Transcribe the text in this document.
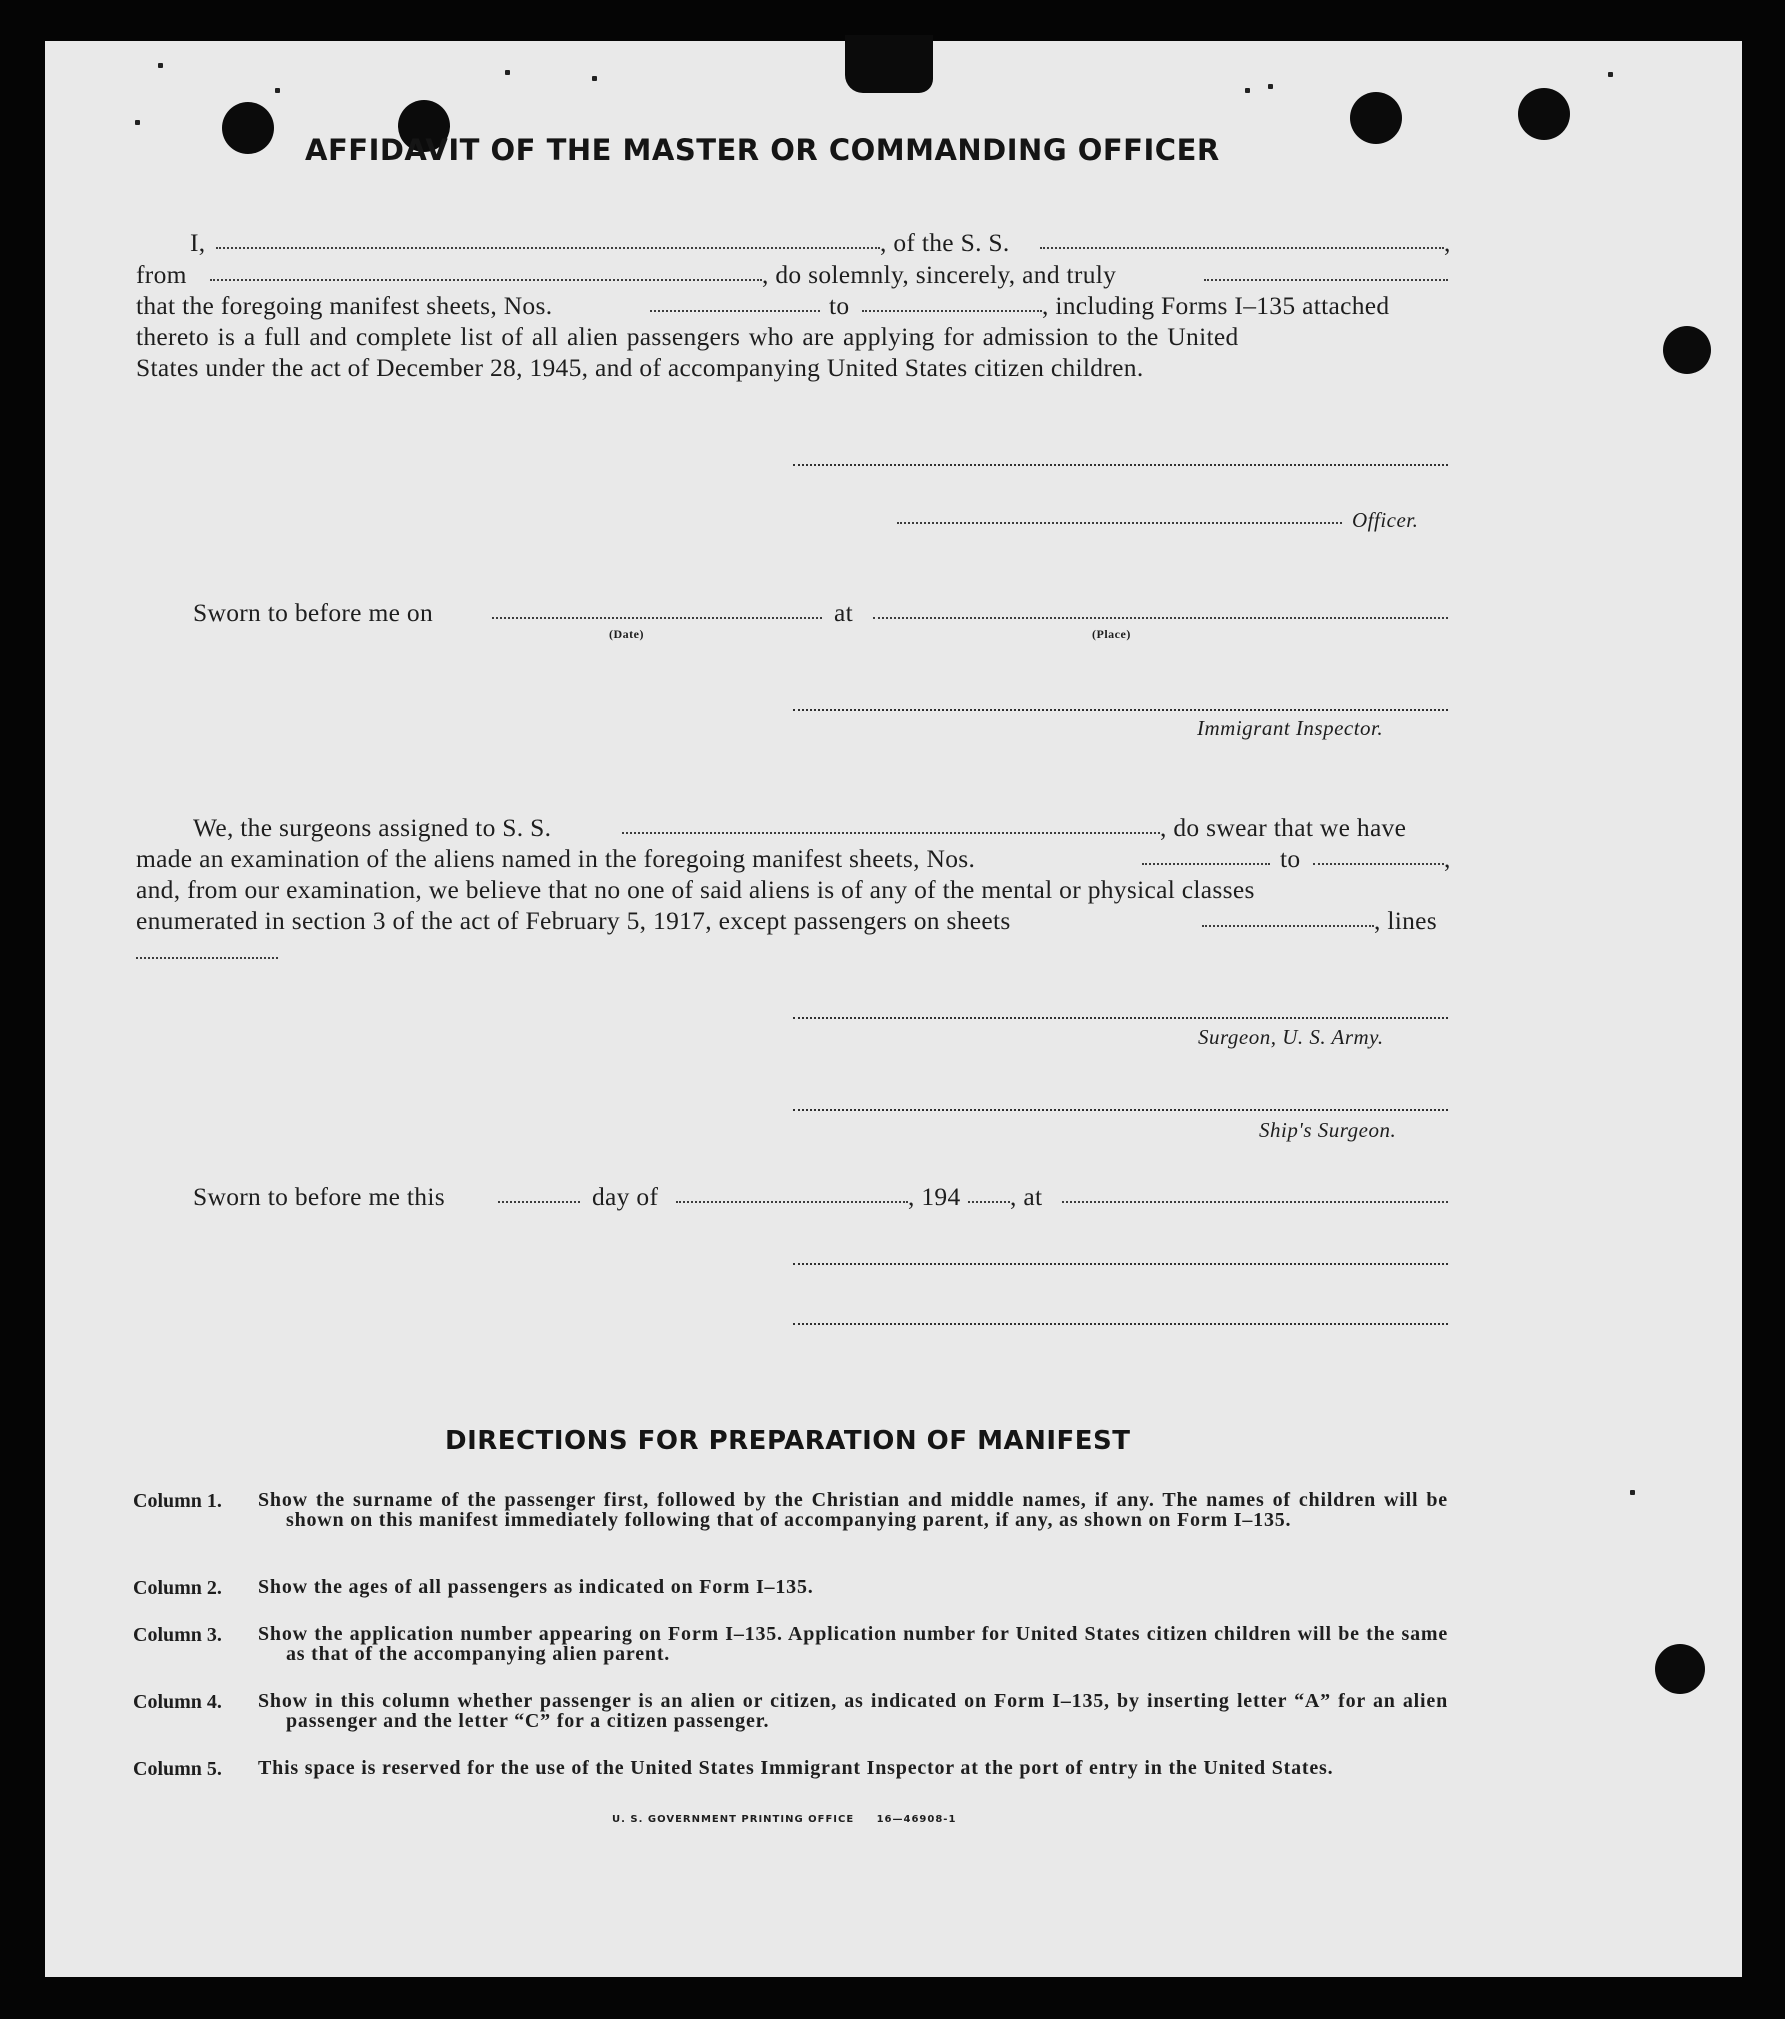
AFFIDAVIT OF THE MASTER OR COMMANDING OFFICER
I,	, of the S. S.	,
from	, do solemnly, sincerely, and truly
that the foregoing manifest sheets, Nos.	to	, including Forms I–135 attached
thereto is a full and complete list of all alien passengers who are applying for admission to the United
States under the act of December 28, 1945, and of accompanying United States citizen children.
Officer.
Sworn to before me on	at
(Date)	(Place)
Immigrant Inspector.
We, the surgeons assigned to S. S.	, do swear that we have
made an examination of the aliens named in the foregoing manifest sheets, Nos.	to	,
and, from our examination, we believe that no one of said aliens is of any of the mental or physical classes
enumerated in section 3 of the act of February 5, 1917, except passengers on sheets	, lines
Surgeon, U. S. Army.
Ship's Surgeon.
Sworn to before me this	day of	, 194 , at
DIRECTIONS FOR PREPARATION OF MANIFEST
Column 1. Show the surname of the passenger first, followed by the Christian and middle names, if any. The names of children will be shown on this manifest immediately following that of accompanying parent, if any, as shown on Form I–135.
Column 2. Show the ages of all passengers as indicated on Form I–135.
Column 3. Show the application number appearing on Form I–135. Application number for United States citizen children will be the same as that of the accompanying alien parent.
Column 4. Show in this column whether passenger is an alien or citizen, as indicated on Form I–135, by inserting letter “A” for an alien passenger and the letter “C” for a citizen passenger.
Column 5. This space is reserved for the use of the United States Immigrant Inspector at the port of entry in the United States.
U. S. GOVERNMENT PRINTING OFFICE     16—46908-1
